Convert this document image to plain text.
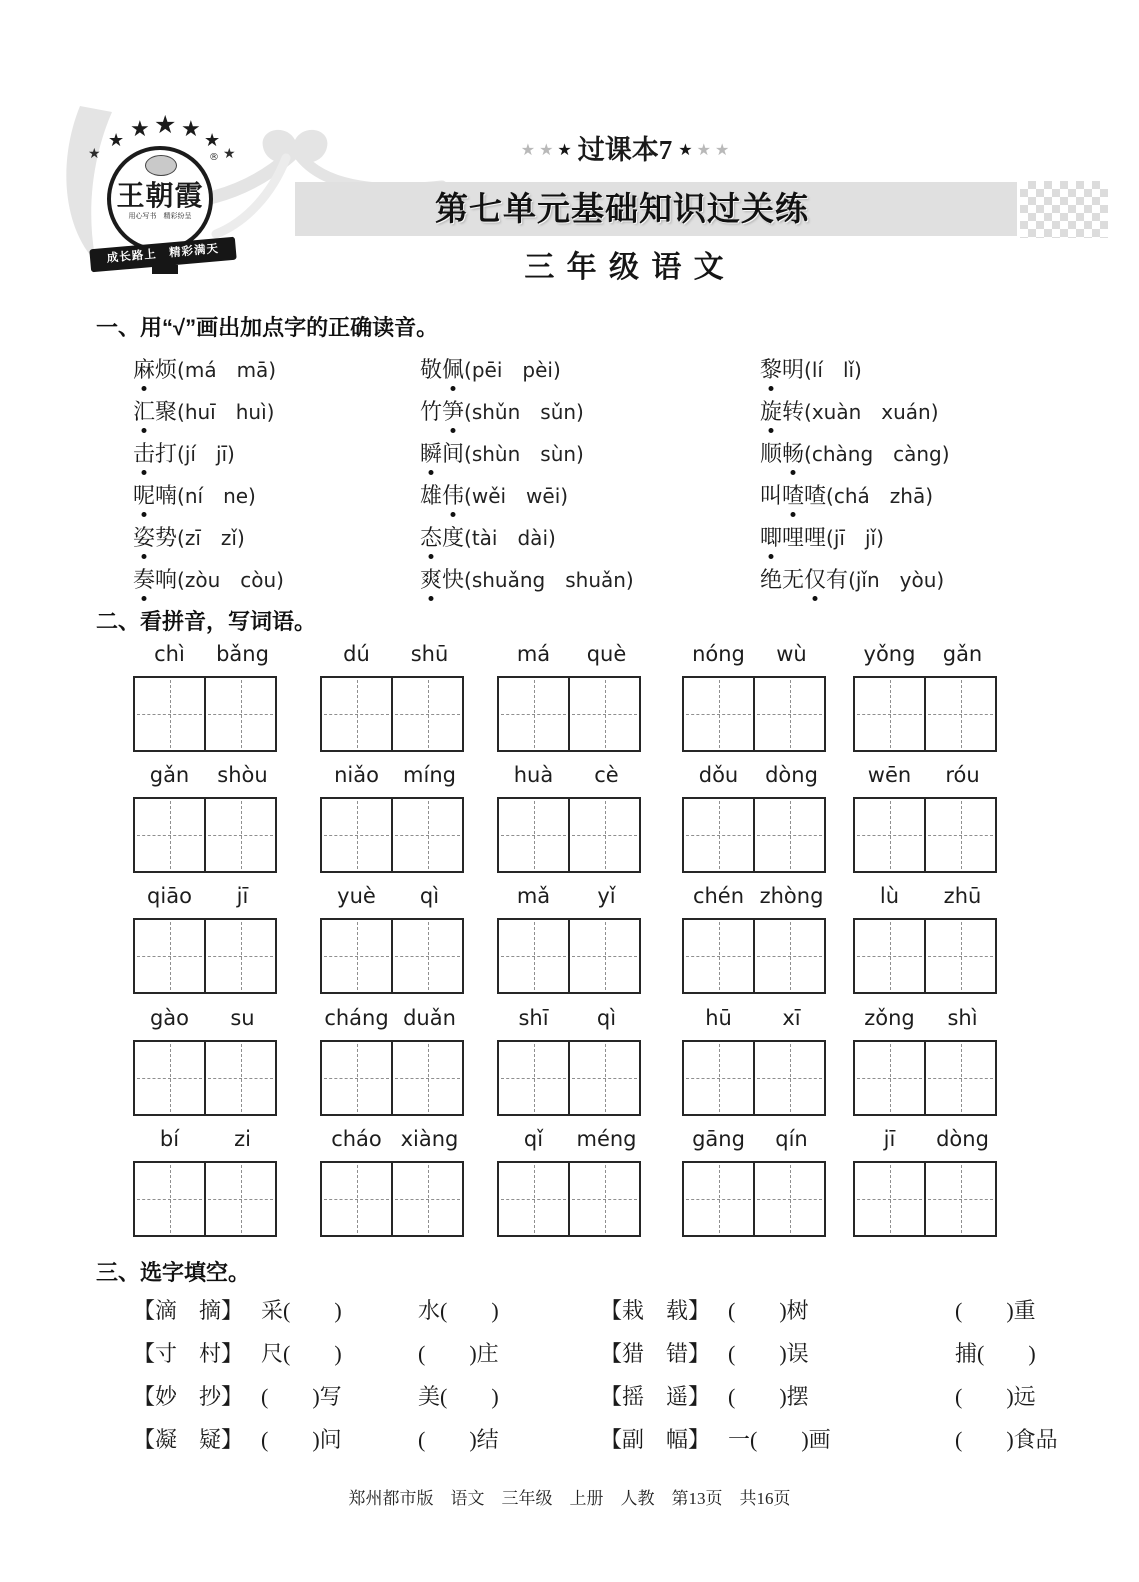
★
★ ★ ★ ★ ★
★
®
王朝霞
用心写书　精彩纷呈
成长路上　精彩满天
★ ★ ★ 过课本7 ★ ★ ★
第七单元基础知识过关练
三 年 级 语 文
一、用“√”画出加点字的正确读音。
麻烦(má　mā)	敬佩(pēi　pèi)	黎明(lí　lǐ)
汇聚(huī　huì)	竹笋(shǔn　sǔn)	旋转(xuàn　xuán)
击打(jí　jī)	瞬间(shùn　sùn)	顺畅(chàng　càng)
呢喃(ní　ne)	雄伟(wěi　wēi)	叫喳喳(chá　zhā)
姿势(zī　zǐ)	态度(tài　dài)	唧哩哩(jī　jǐ)
奏响(zòu　còu)	爽快(shuǎng　shuǎn)	绝无仅有(jǐn　yòu)
二、看拼音，写词语。
chì	bǎng	dú	shū	má	què	nóng	wù	yǒng	gǎn
gǎn	shòu	niǎo	míng	huà	cè	dǒu	dòng	wēn	róu
qiāo	jī	yuè	qì	mǎ	yǐ	chén zhòng	lù	zhū
gào	su	cháng duǎn	shī	qì	hū	xī	zǒng	shì
bí	zi	cháo xiàng	qǐ	méng	gāng	qín	jī	dòng
三、选字填空。
【滴　摘】 采(　　)	水(　　)	【栽　载】 (　　)树	(　　)重
【寸　村】 尺(　　)	(　　)庄	【猎　错】 (　　)误	捕(　　)
【妙　抄】 (　　)写	美(　　)	【摇　遥】 (　　)摆	(　　)远
【凝　疑】 (　　)问	(　　)结	【副　幅】 一(　　)画	(　　)食品
郑州都市版　语文　三年级　上册　人教　第13页　共16页
